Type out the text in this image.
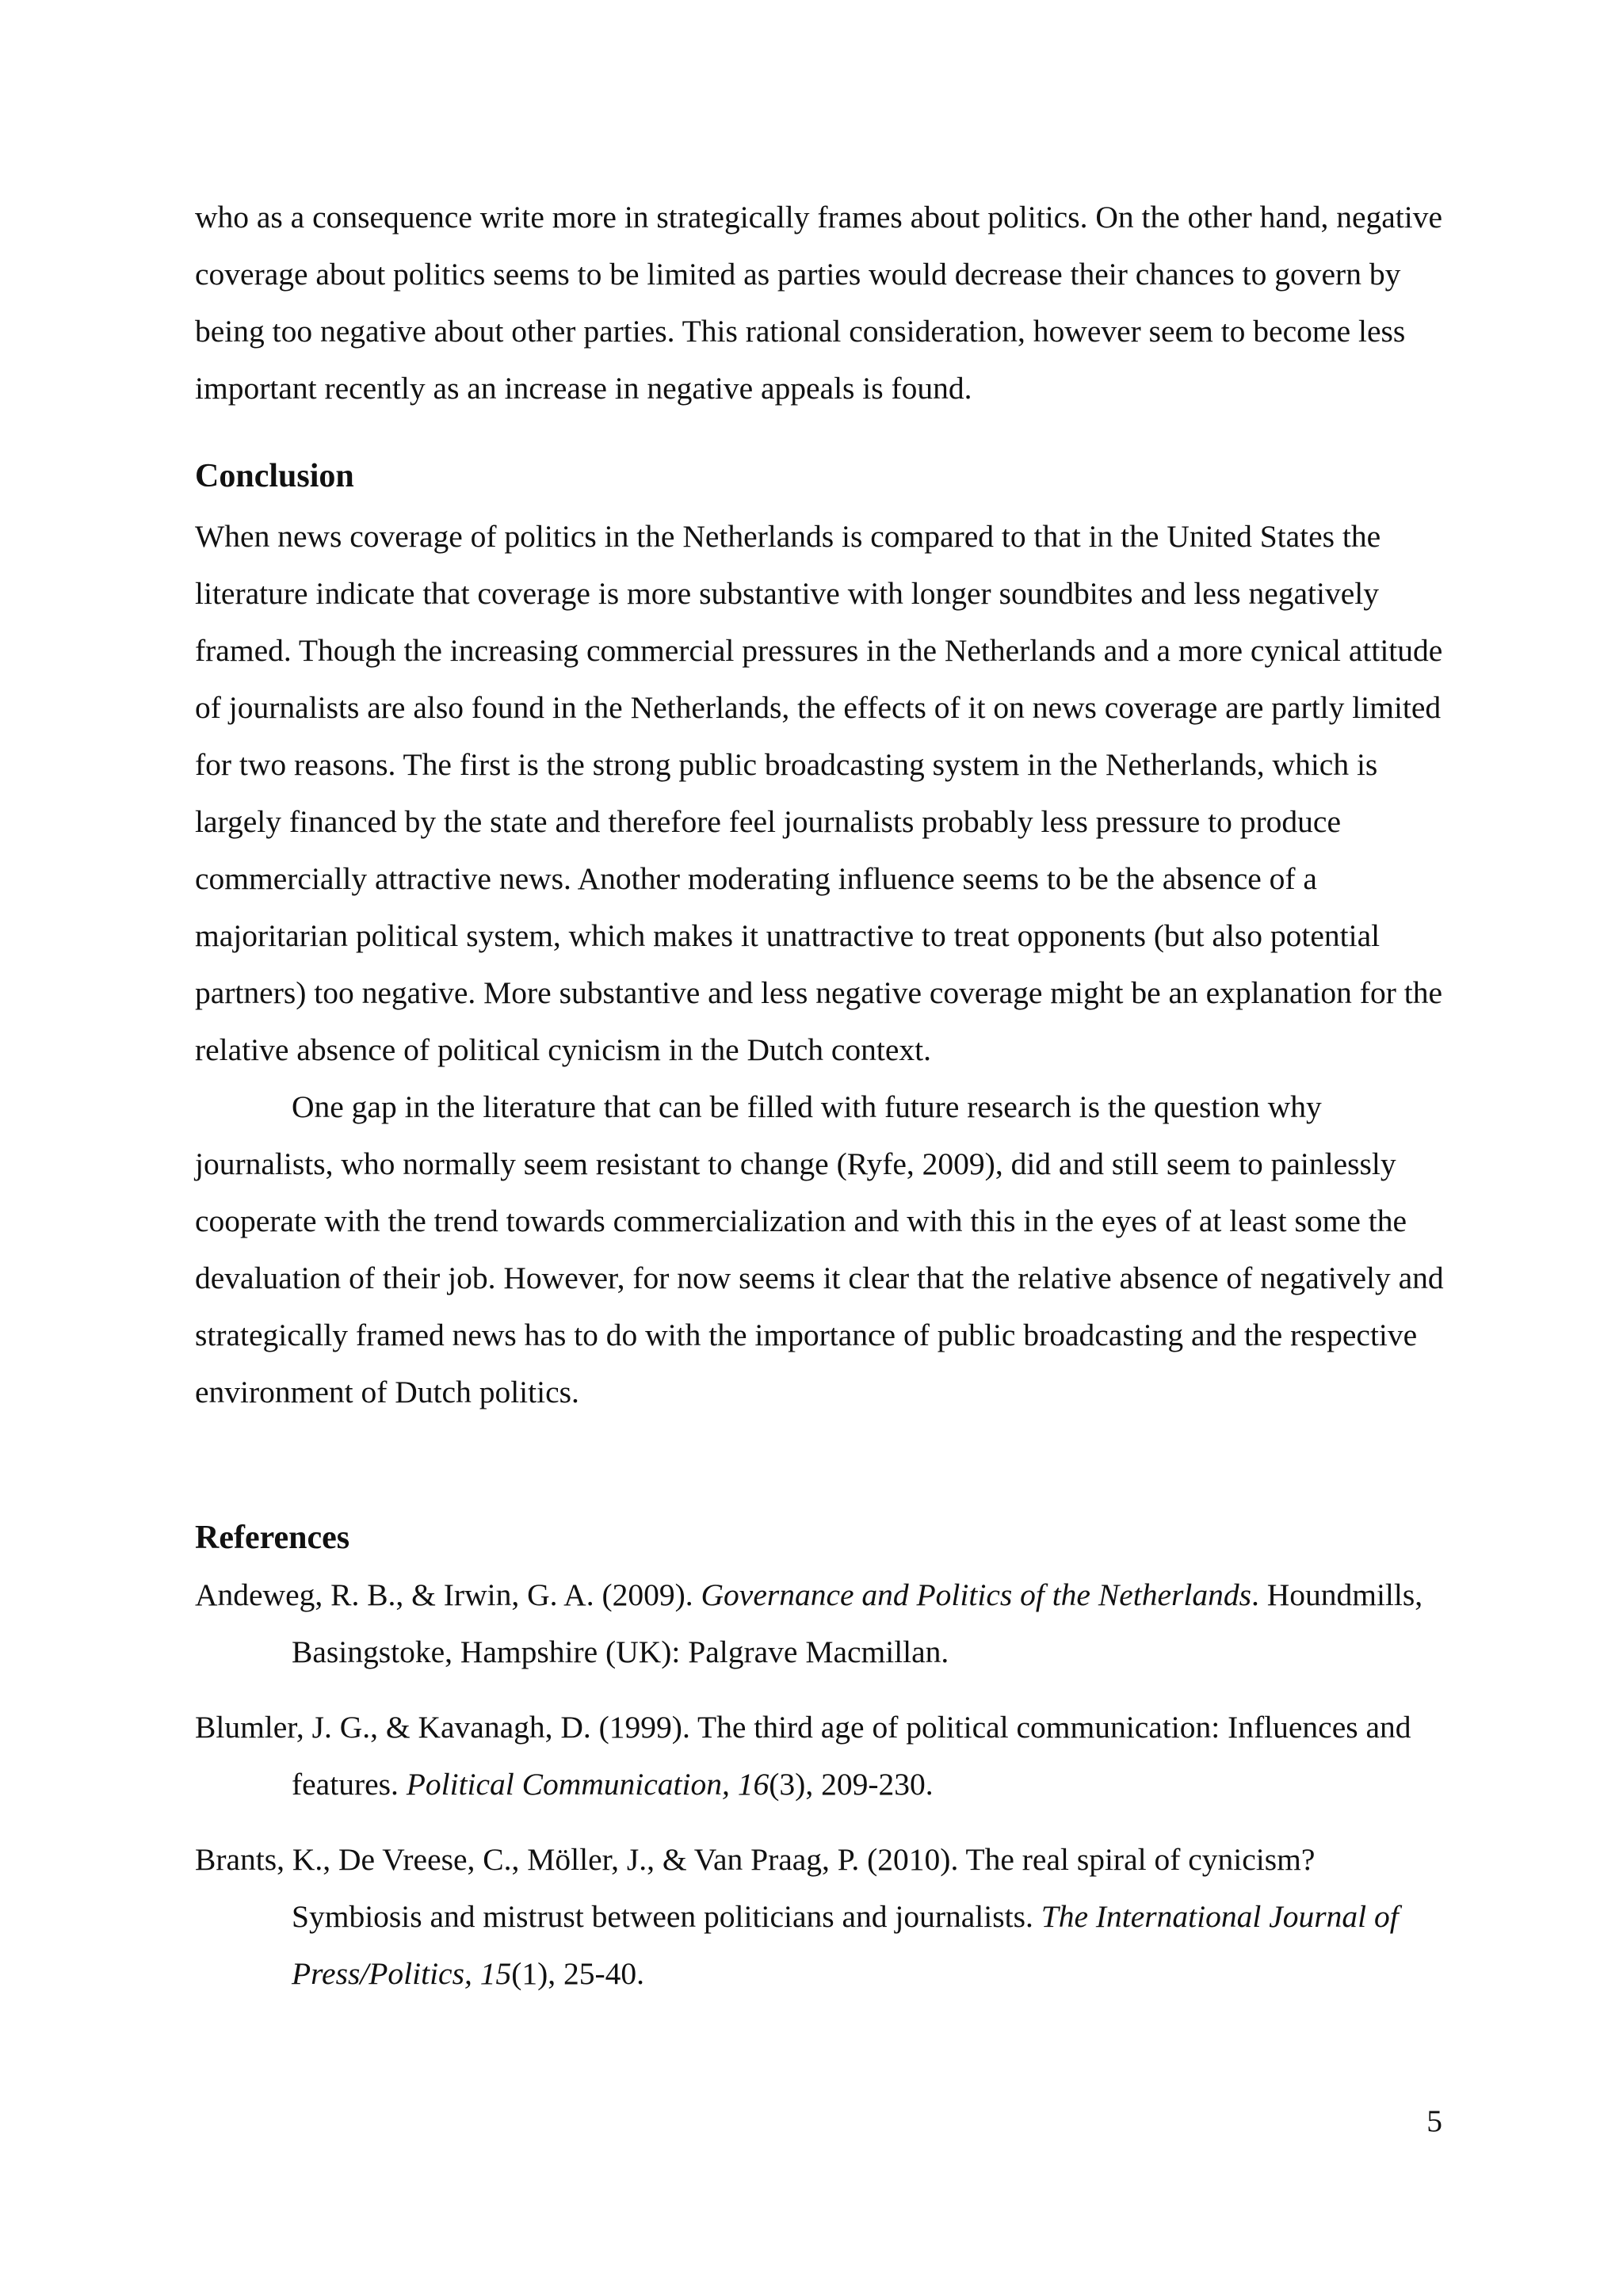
who as a consequence write more in strategically frames about politics. On the other hand, negative coverage about politics seems to be limited as parties would decrease their chances to govern by being too negative about other parties. This rational consideration, however seem to become less important recently as an increase in negative appeals is found.

Conclusion

When news coverage of politics in the Netherlands is compared to that in the United States the literature indicate that coverage is more substantive with longer soundbites and less negatively framed. Though the increasing commercial pressures in the Netherlands and a more cynical attitude of journalists are also found in the Netherlands, the effects of it on news coverage are partly limited for two reasons. The first is the strong public broadcasting system in the Netherlands, which is largely financed by the state and therefore feel journalists probably less pressure to produce commercially attractive news. Another moderating influence seems to be the absence of a majoritarian political system, which makes it unattractive to treat opponents (but also potential partners) too negative. More substantive and less negative coverage might be an explanation for the relative absence of political cynicism in the Dutch context.

One gap in the literature that can be filled with future research is the question why journalists, who normally seem resistant to change (Ryfe, 2009), did and still seem to painlessly cooperate with the trend towards commercialization and with this in the eyes of at least some the devaluation of their job. However, for now seems it clear that the relative absence of negatively and strategically framed news has to do with the importance of public broadcasting and the respective environment of Dutch politics.

References

Andeweg, R. B., & Irwin, G. A. (2009). Governance and Politics of the Netherlands. Houndmills, Basingstoke, Hampshire (UK): Palgrave Macmillan.

Blumler, J. G., & Kavanagh, D. (1999). The third age of political communication: Influences and features. Political Communication, 16(3), 209-230.

Brants, K., De Vreese, C., Möller, J., & Van Praag, P. (2010). The real spiral of cynicism? Symbiosis and mistrust between politicians and journalists. The International Journal of Press/Politics, 15(1), 25-40.

5
